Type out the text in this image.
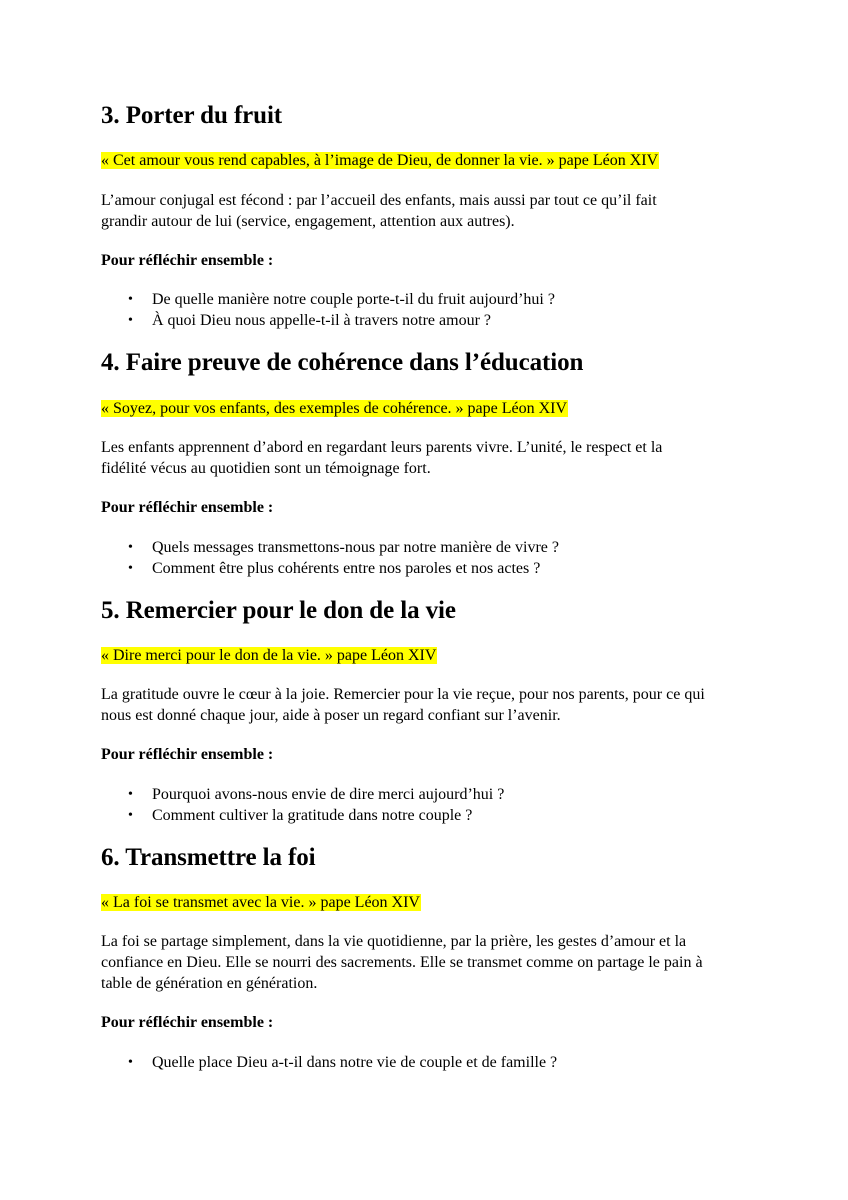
3. Porter du fruit
« Cet amour vous rend capables, à l’image de Dieu, de donner la vie. » pape Léon XIV
L’amour conjugal est fécond : par l’accueil des enfants, mais aussi par tout ce qu’il fait
grandir autour de lui (service, engagement, attention aux autres).
Pour réfléchir ensemble :
• De quelle manière notre couple porte-t-il du fruit aujourd’hui ?
• À quoi Dieu nous appelle-t-il à travers notre amour ?
4. Faire preuve de cohérence dans l’éducation
« Soyez, pour vos enfants, des exemples de cohérence. » pape Léon XIV
Les enfants apprennent d’abord en regardant leurs parents vivre. L’unité, le respect et la
fidélité vécus au quotidien sont un témoignage fort.
Pour réfléchir ensemble :
• Quels messages transmettons-nous par notre manière de vivre ?
• Comment être plus cohérents entre nos paroles et nos actes ?
5. Remercier pour le don de la vie
« Dire merci pour le don de la vie. » pape Léon XIV
La gratitude ouvre le cœur à la joie. Remercier pour la vie reçue, pour nos parents, pour ce qui
nous est donné chaque jour, aide à poser un regard confiant sur l’avenir.
Pour réfléchir ensemble :
• Pourquoi avons-nous envie de dire merci aujourd’hui ?
• Comment cultiver la gratitude dans notre couple ?
6. Transmettre la foi
« La foi se transmet avec la vie. » pape Léon XIV
La foi se partage simplement, dans la vie quotidienne, par la prière, les gestes d’amour et la
confiance en Dieu. Elle se nourri des sacrements. Elle se transmet comme on partage le pain à
table de génération en génération.
Pour réfléchir ensemble :
• Quelle place Dieu a-t-il dans notre vie de couple et de famille ?
